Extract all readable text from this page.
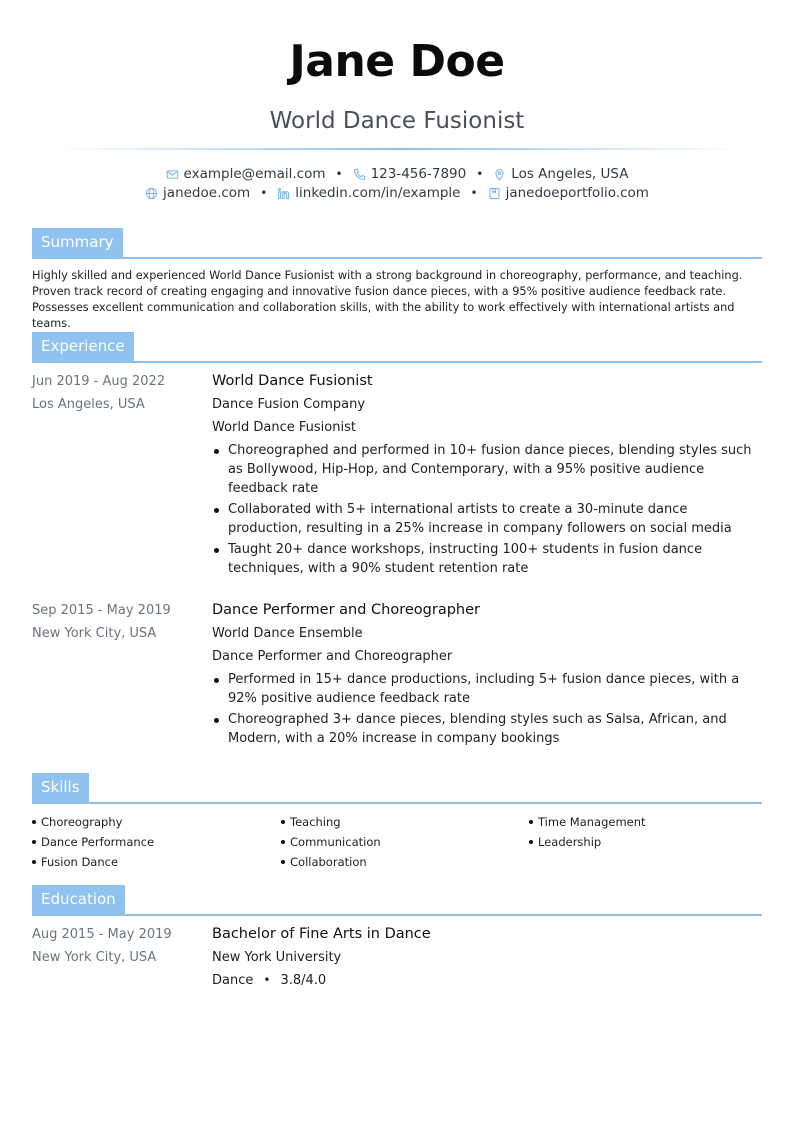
Jane Doe
World Dance Fusionist
example@email.com • 123-456-7890 • Los Angeles, USA
janedoe.com • linkedin.com/in/example • janedoeportfolio.com
Summary
Highly skilled and experienced World Dance Fusionist with a strong background in choreography, performance, and teaching. Proven track record of creating engaging and innovative fusion dance pieces, with a 95% positive audience feedback rate. Possesses excellent communication and collaboration skills, with the ability to work effectively with international artists and teams.
Experience
Jun 2019 - Aug 2022
Los Angeles, USA
World Dance Fusionist
Dance Fusion Company
World Dance Fusionist
Choreographed and performed in 10+ fusion dance pieces, blending styles such as Bollywood, Hip-Hop, and Contemporary, with a 95% positive audience feedback rate
Collaborated with 5+ international artists to create a 30-minute dance production, resulting in a 25% increase in company followers on social media
Taught 20+ dance workshops, instructing 100+ students in fusion dance techniques, with a 90% student retention rate
Sep 2015 - May 2019
New York City, USA
Dance Performer and Choreographer
World Dance Ensemble
Dance Performer and Choreographer
Performed in 15+ dance productions, including 5+ fusion dance pieces, with a 92% positive audience feedback rate
Choreographed 3+ dance pieces, blending styles such as Salsa, African, and Modern, with a 20% increase in company bookings
Skills
Choreography
Dance Performance
Fusion Dance
Teaching
Communication
Collaboration
Time Management
Leadership
Education
Aug 2015 - May 2019
New York City, USA
Bachelor of Fine Arts in Dance
New York University
Dance • 3.8/4.0
